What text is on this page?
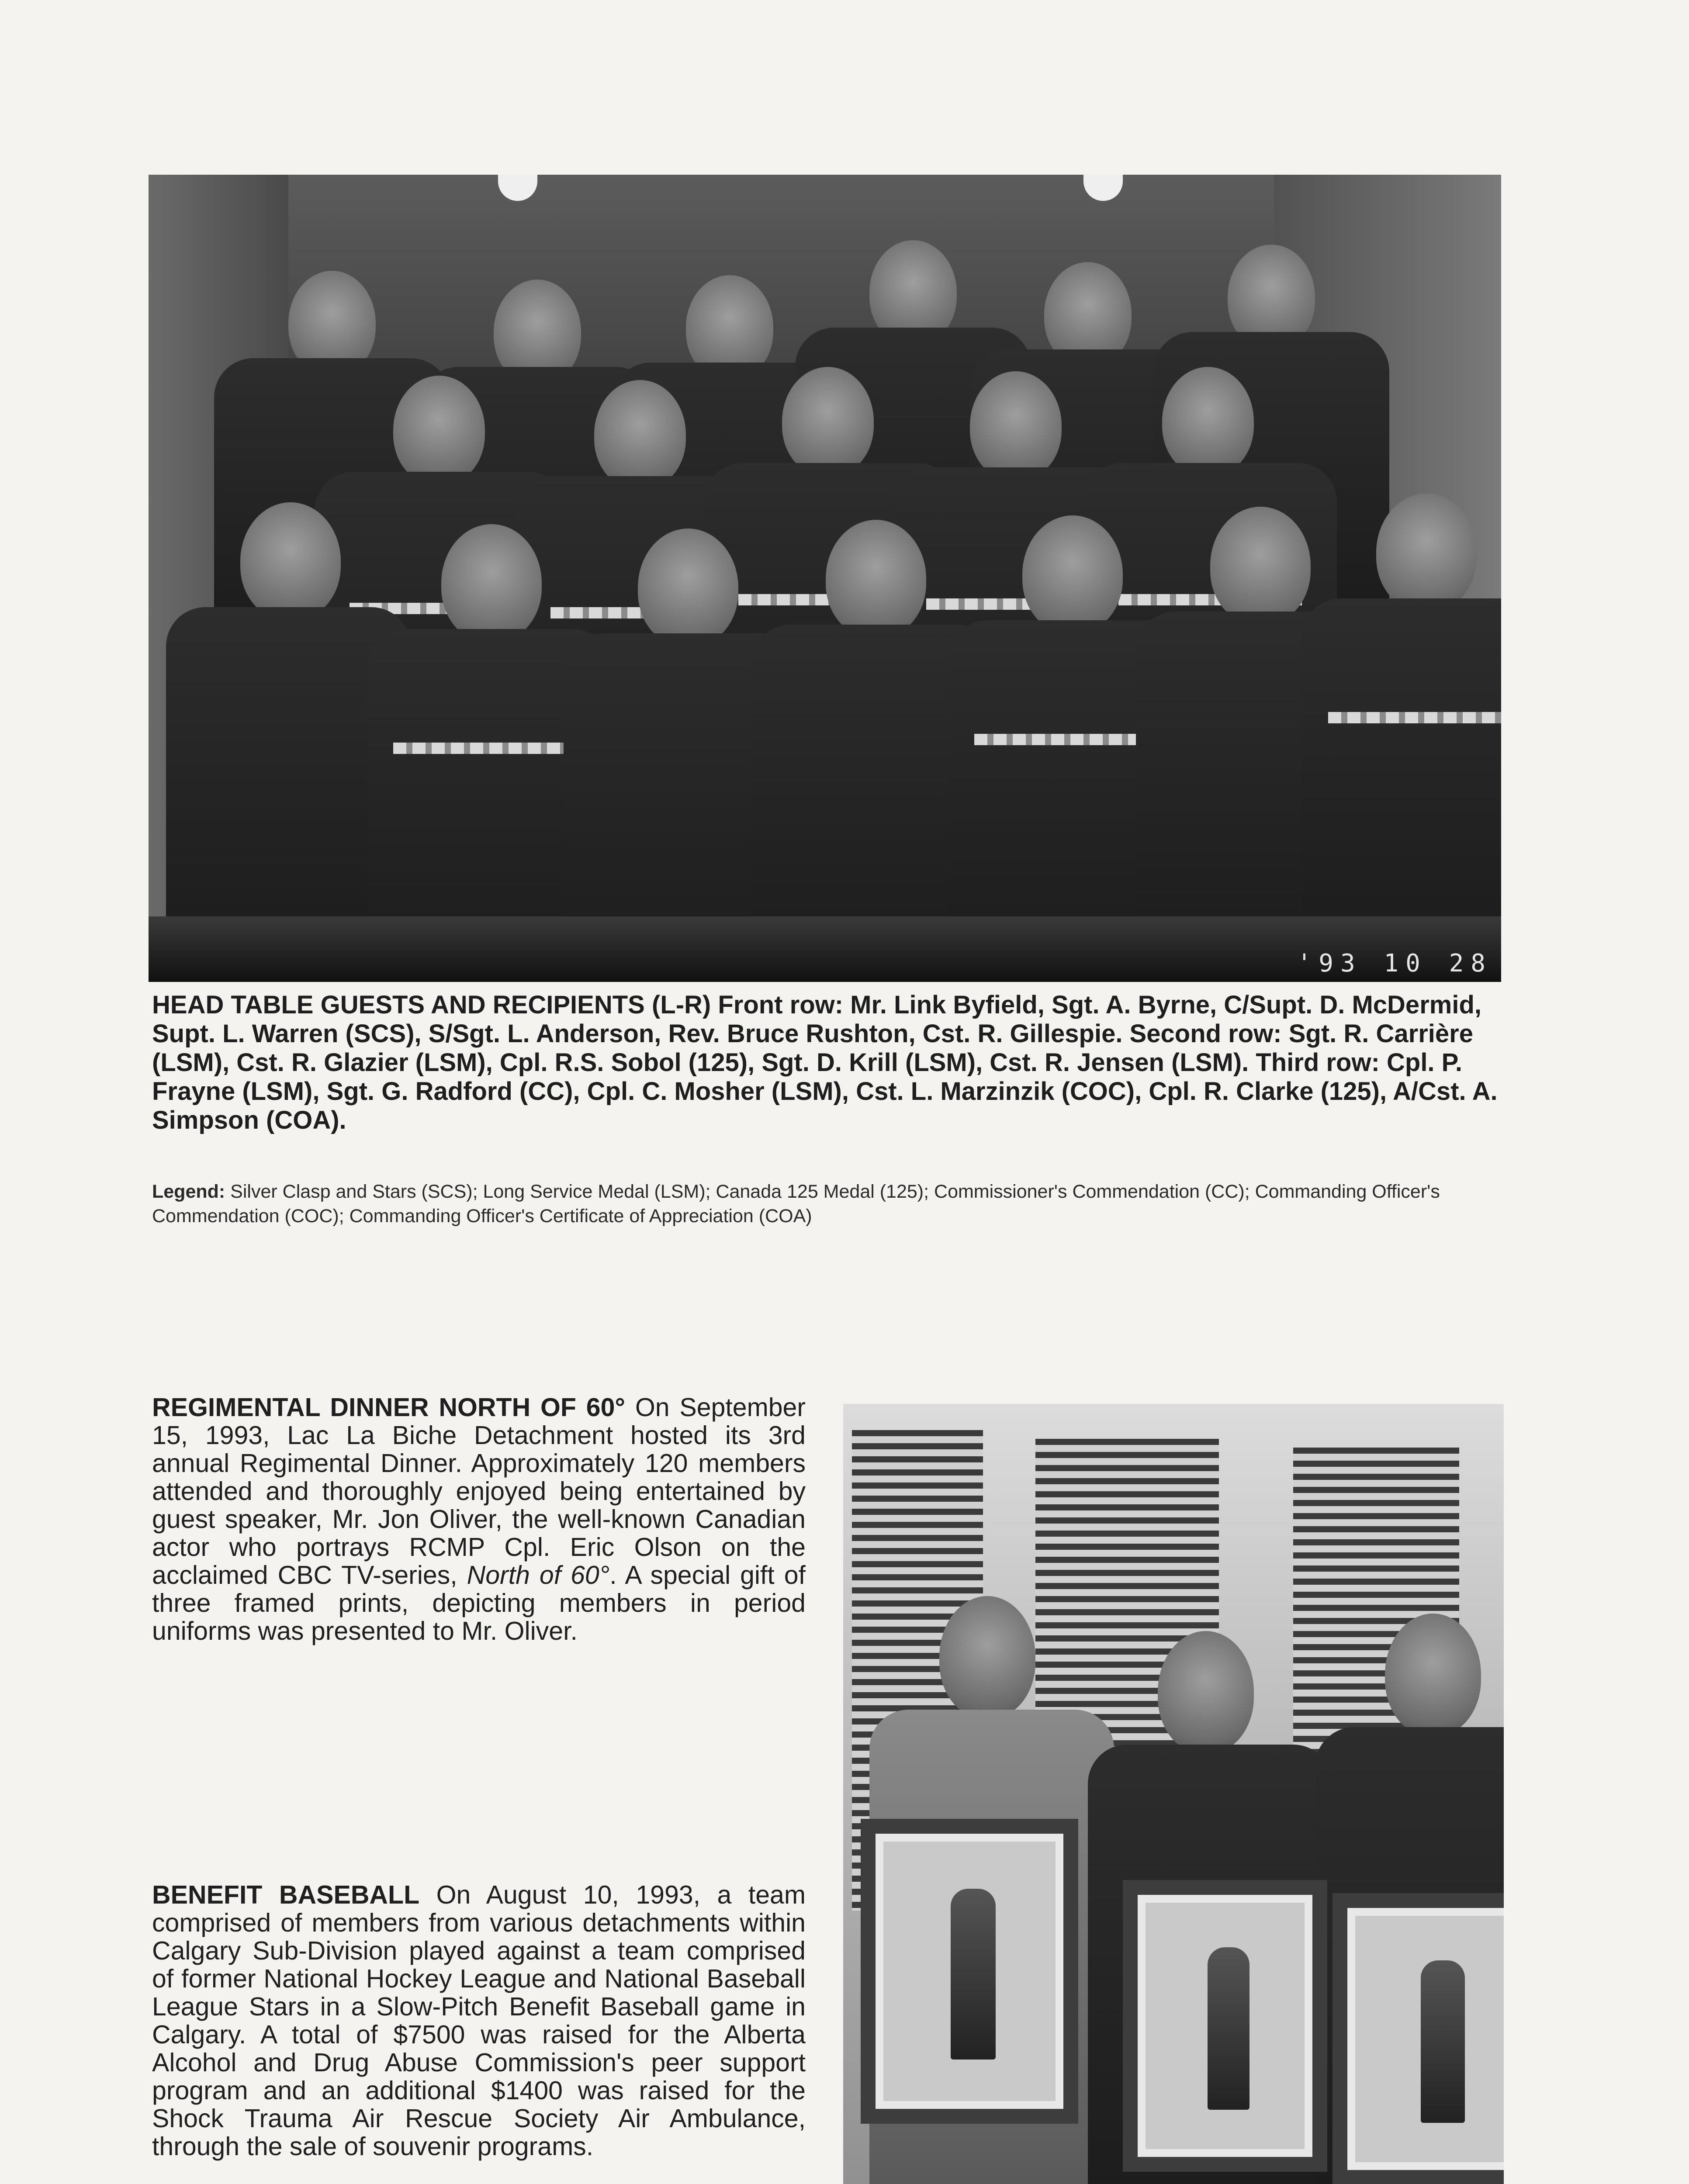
'93 10 28
HEAD TABLE GUESTS AND RECIPIENTS (L-R) Front row: Mr. Link Byfield, Sgt. A. Byrne, C/Supt. D. McDermid, Supt. L. Warren (SCS), S/Sgt. L. Anderson, Rev. Bruce Rushton, Cst. R. Gillespie. Second row: Sgt. R. Carrière (LSM), Cst. R. Glazier (LSM), Cpl. R.S. Sobol (125), Sgt. D. Krill (LSM), Cst. R. Jensen (LSM). Third row: Cpl. P. Frayne (LSM), Sgt. G. Radford (CC), Cpl. C. Mosher (LSM), Cst. L. Marzinzik (COC), Cpl. R. Clarke (125), A/Cst. A. Simpson (COA).
Legend: Silver Clasp and Stars (SCS); Long Service Medal (LSM); Canada 125 Medal (125); Commissioner's Commendation (CC); Commanding Officer's Commendation (COC); Commanding Officer's Certificate of Appreciation (COA)
REGIMENTAL DINNER NORTH OF 60° On September 15, 1993, Lac La Biche Detachment hosted its 3rd annual Regimental Dinner. Approximately 120 members attended and thoroughly enjoyed being entertained by guest speaker, Mr. Jon Oliver, the well-known Canadian actor who portrays RCMP Cpl. Eric Olson on the acclaimed CBC TV-series, North of 60°. A special gift of three framed prints, depicting members in period uniforms was presented to Mr. Oliver.
BENEFIT BASEBALL On August 10, 1993, a team comprised of members from various detachments within Calgary Sub-Division played against a team comprised of former National Hockey League and National Baseball League Stars in a Slow-Pitch Benefit Baseball game in Calgary. A total of $7500 was raised for the Alberta Alcohol and Drug Abuse Commission's peer support program and an additional $1400 was raised for the Shock Trauma Air Rescue Society Air Ambulance, through the sale of souvenir programs.
